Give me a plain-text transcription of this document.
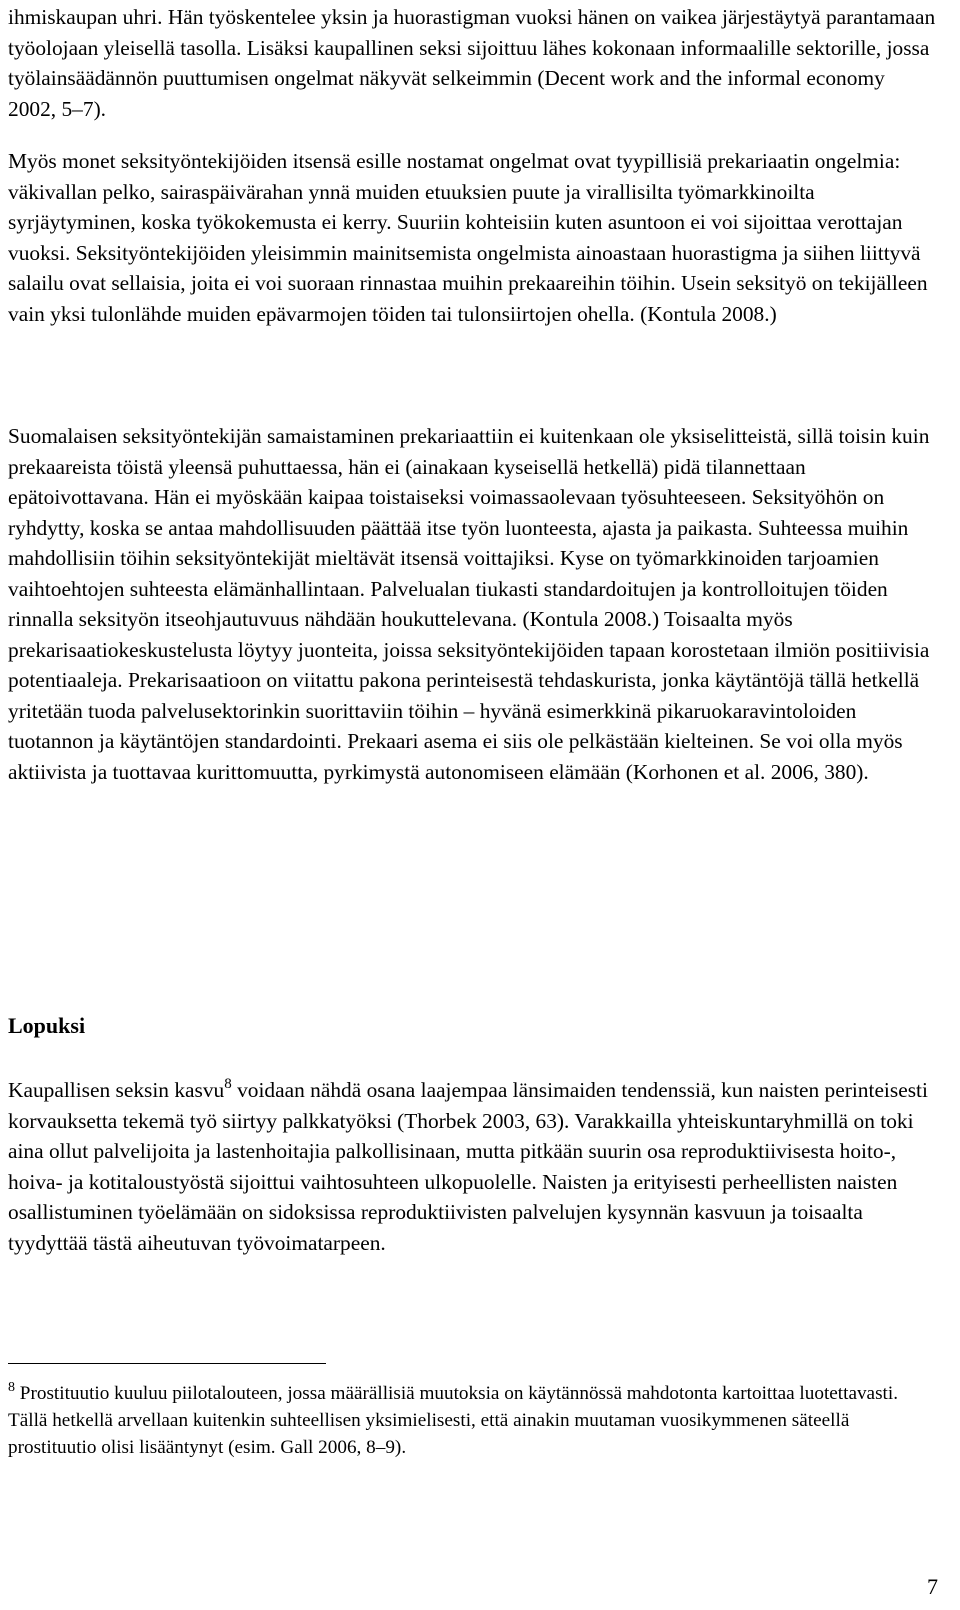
ihmiskaupan uhri. Hän työskentelee yksin ja huorastigman vuoksi hänen on vaikea järjestäytyä parantamaan työolojaan yleisellä tasolla. Lisäksi kaupallinen seksi sijoittuu lähes kokonaan informaalille sektorille, jossa työlainsäädännön puuttumisen ongelmat näkyvät selkeimmin (Decent work and the informal economy 2002, 5–7).

Myös monet seksityöntekijöiden itsensä esille nostamat ongelmat ovat tyypillisiä prekariaatin ongelmia: väkivallan pelko, sairaspäivärahan ynnä muiden etuuksien puute ja virallisilta työmarkkinoilta syrjäytyminen, koska työkokemusta ei kerry. Suuriin kohteisiin kuten asuntoon ei voi sijoittaa verottajan vuoksi. Seksityöntekijöiden yleisimmin mainitsemista ongelmista ainoastaan huorastigma ja siihen liittyvä salailu ovat sellaisia, joita ei voi suoraan rinnastaa muihin prekaareihin töihin. Usein seksityö on tekijälleen vain yksi tulonlähde muiden epävarmojen töiden tai tulonsiirtojen ohella. (Kontula 2008.)

Suomalaisen seksityöntekijän samaistaminen prekariaattiin ei kuitenkaan ole yksiselitteistä, sillä toisin kuin prekaareista töistä yleensä puhuttaessa, hän ei (ainakaan kyseisellä hetkellä) pidä tilannettaan epätoivottavana. Hän ei myöskään kaipaa toistaiseksi voimassaolevaan työsuhteeseen. Seksityöhön on ryhdytty, koska se antaa mahdollisuuden päättää itse työn luonteesta, ajasta ja paikasta. Suhteessa muihin mahdollisiin töihin seksityöntekijät mieltävät itsensä voittajiksi. Kyse on työmarkkinoiden tarjoamien vaihtoehtojen suhteesta elämänhallintaan. Palvelualan tiukasti standardoitujen ja kontrolloitujen töiden rinnalla seksityön itseohjautuvuus nähdään houkuttelevana. (Kontula 2008.) Toisaalta myös prekarisaatiokeskustelusta löytyy juonteita, joissa seksityöntekijöiden tapaan korostetaan ilmiön positiivisia potentiaaleja. Prekarisaatioon on viitattu pakona perinteisestä tehdaskurista, jonka käytäntöjä tällä hetkellä yritetään tuoda palvelusektorinkin suorittaviin töihin – hyvänä esimerkkinä pikaruokaravintoloiden tuotannon ja käytäntöjen standardointi. Prekaari asema ei siis ole pelkästään kielteinen. Se voi olla myös aktiivista ja tuottavaa kurittomuutta, pyrkimystä autonomiseen elämään (Korhonen et al. 2006, 380).

Lopuksi

Kaupallisen seksin kasvu$^8$ voidaan nähdä osana laajempaa länsimaiden tendenssiä, kun naisten perinteisesti korvauksetta tekemä työ siirtyy palkkatyöksi (Thorbek 2003, 63). Varakkailla yhteiskuntaryhmillä on toki aina ollut palvelijoita ja lastenhoitajia palkollisinaan, mutta pitkään suurin osa reproduktiivisesta hoito-, hoiva- ja kotitaloustyöstä sijoittui vaihtosuhteen ulkopuolelle. Naisten ja erityisesti perheellisten naisten osallistuminen työelämään on sidoksissa reproduktiivisten palvelujen kysynnän kasvuun ja toisaalta tyydyttää tästä aiheutuvan työvoimatarpeen.

$^8$ Prostituutio kuuluu piilotalouteen, jossa määrällisiä muutoksia on käytännössä mahdotonta kartoittaa luotettavasti. Tällä hetkellä arvellaan kuitenkin suhteellisen yksimielisesti, että ainakin muutaman vuosikymmenen säteellä prostituutio olisi lisääntynyt (esim. Gall 2006, 8–9).

7
